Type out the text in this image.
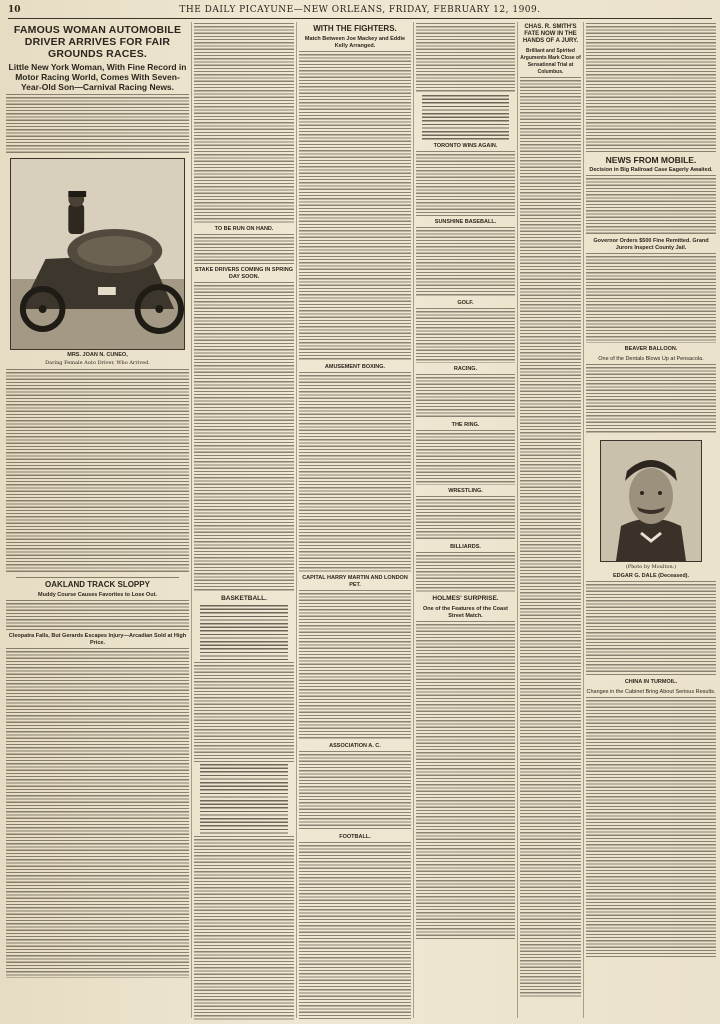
10	THE DAILY PICAYUNE—NEW ORLEANS, FRIDAY, FEBRUARY 12, 1909.
FAMOUS WOMAN AUTOMOBILE DRIVER ARRIVES FOR FAIR GROUNDS RACES.
Little New York Woman, With Fine Record in Motor Racing World, Comes With Seven-Year-Old Son—Carnival Racing News.
MRS. JOAN N. CUNEO,
Daring Female Auto Driver, Who Arrived.
OAKLAND TRACK SLOPPY
Muddy Course Causes Favorites to Lose Out.
Cleopatra Falls, But Gerards Escapes Injury—Arcadian Sold at High Price.
TO BE RUN ON HAND.
STAKE DRIVERS COMING IN SPRING DAY SOON.
BASKETBALL.
WITH THE FIGHTERS.
Match Between Joe Mackey and Eddie Kelly Arranged.
AMUSEMENT BOXING.
CAPITAL HARRY MARTIN AND LONDON PET.
ASSOCIATION A. C.
FOOTBALL.
TORONTO WINS AGAIN.
SUNSHINE BASEBALL.
GOLF.
RACING.
THE RING.
WRESTLING.
BILLIARDS.
HOLMES' SURPRISE.
One of the Features of the Coast Street Match.
CHAS. R. SMITH'S FATE NOW IN THE HANDS OF A JURY.
Brilliant and Spirited Arguments Mark Close of Sensational Trial at Columbus.
NEWS FROM MOBILE.
Decision in Big Railroad Case Eagerly Awaited.
Governor Orders $500 Fine Remitted. Grand Jurors Inspect County Jail.
BEAVER BALLOON.
One of the Dentals Blows Up at Pensacola.
(Photo by Moulton.)
EDGAR G. DALE (Deceased).
CHINA IN TURMOIL.
Changes in the Cabinet Bring About Serious Results.
